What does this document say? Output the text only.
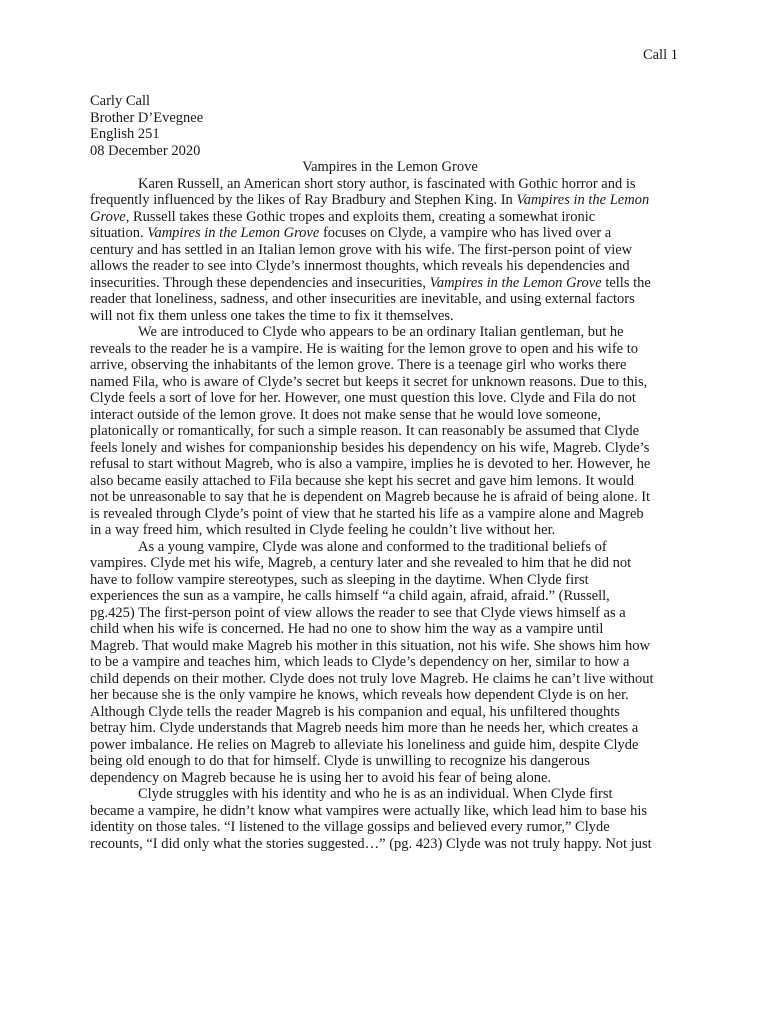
Call 1
Carly Call
Brother D’Evegnee
English 251
08 December 2020
Vampires in the Lemon Grove
Karen Russell, an American short story author, is fascinated with Gothic horror and is
frequently influenced by the likes of Ray Bradbury and Stephen King. In Vampires in the Lemon
Grove, Russell takes these Gothic tropes and exploits them, creating a somewhat ironic
situation. Vampires in the Lemon Grove focuses on Clyde, a vampire who has lived over a
century and has settled in an Italian lemon grove with his wife. The first-person point of view
allows the reader to see into Clyde’s innermost thoughts, which reveals his dependencies and
insecurities. Through these dependencies and insecurities, Vampires in the Lemon Grove tells the
reader that loneliness, sadness, and other insecurities are inevitable, and using external factors
will not fix them unless one takes the time to fix it themselves.
We are introduced to Clyde who appears to be an ordinary Italian gentleman, but he
reveals to the reader he is a vampire. He is waiting for the lemon grove to open and his wife to
arrive, observing the inhabitants of the lemon grove. There is a teenage girl who works there
named Fila, who is aware of Clyde’s secret but keeps it secret for unknown reasons. Due to this,
Clyde feels a sort of love for her. However, one must question this love. Clyde and Fila do not
interact outside of the lemon grove. It does not make sense that he would love someone,
platonically or romantically, for such a simple reason. It can reasonably be assumed that Clyde
feels lonely and wishes for companionship besides his dependency on his wife, Magreb. Clyde’s
refusal to start without Magreb, who is also a vampire, implies he is devoted to her. However, he
also became easily attached to Fila because she kept his secret and gave him lemons. It would
not be unreasonable to say that he is dependent on Magreb because he is afraid of being alone. It
is revealed through Clyde’s point of view that he started his life as a vampire alone and Magreb
in a way freed him, which resulted in Clyde feeling he couldn’t live without her.
As a young vampire, Clyde was alone and conformed to the traditional beliefs of
vampires. Clyde met his wife, Magreb, a century later and she revealed to him that he did not
have to follow vampire stereotypes, such as sleeping in the daytime. When Clyde first
experiences the sun as a vampire, he calls himself “a child again, afraid, afraid.” (Russell,
pg.425) The first-person point of view allows the reader to see that Clyde views himself as a
child when his wife is concerned. He had no one to show him the way as a vampire until
Magreb. That would make Magreb his mother in this situation, not his wife. She shows him how
to be a vampire and teaches him, which leads to Clyde’s dependency on her, similar to how a
child depends on their mother. Clyde does not truly love Magreb. He claims he can’t live without
her because she is the only vampire he knows, which reveals how dependent Clyde is on her.
Although Clyde tells the reader Magreb is his companion and equal, his unfiltered thoughts
betray him. Clyde understands that Magreb needs him more than he needs her, which creates a
power imbalance. He relies on Magreb to alleviate his loneliness and guide him, despite Clyde
being old enough to do that for himself. Clyde is unwilling to recognize his dangerous
dependency on Magreb because he is using her to avoid his fear of being alone.
Clyde struggles with his identity and who he is as an individual. When Clyde first
became a vampire, he didn’t know what vampires were actually like, which lead him to base his
identity on those tales. “I listened to the village gossips and believed every rumor,” Clyde
recounts, “I did only what the stories suggested…” (pg. 423) Clyde was not truly happy. Not just
